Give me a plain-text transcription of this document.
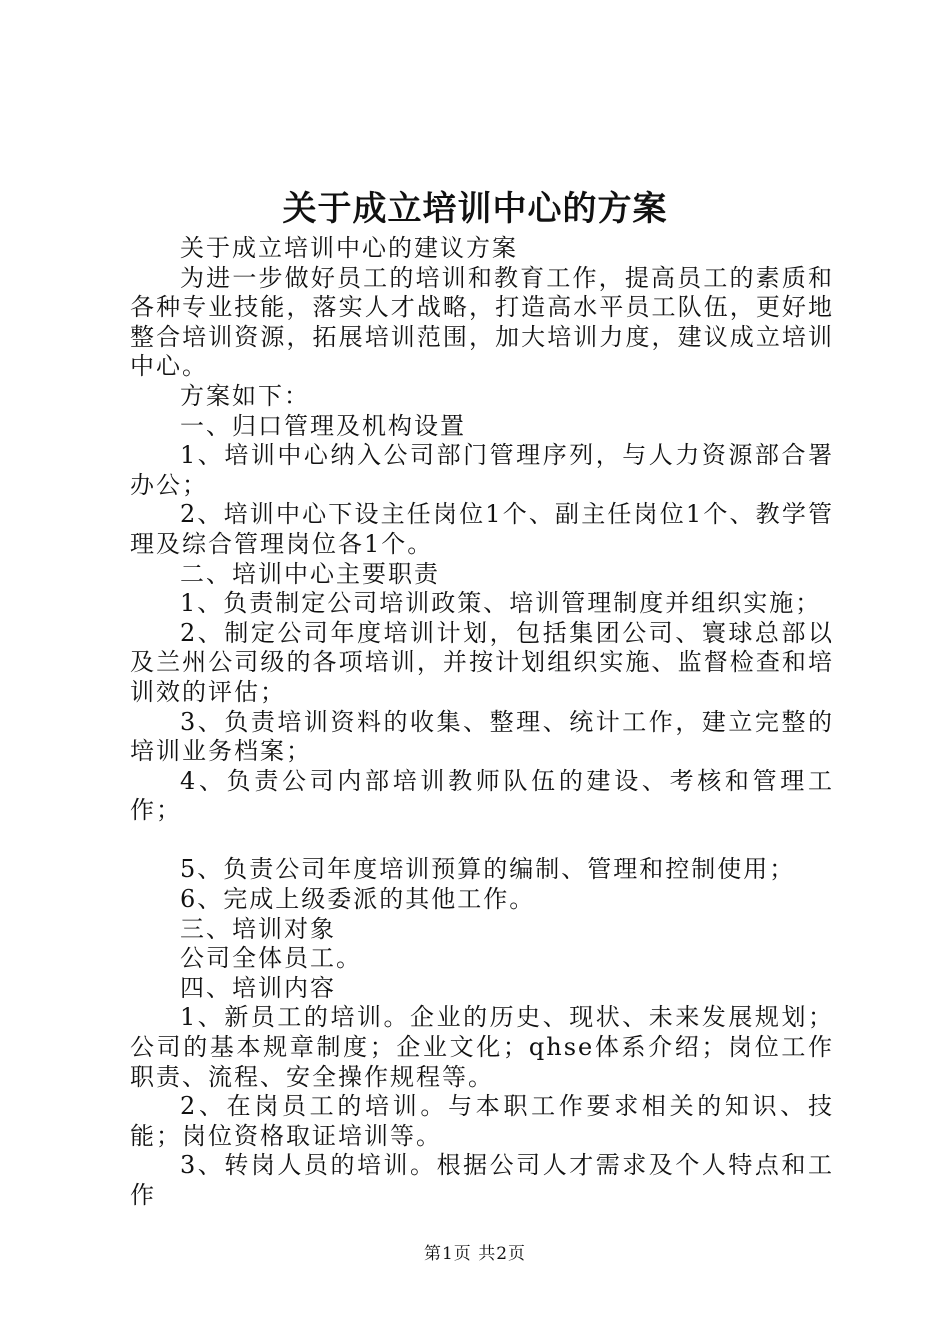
关于成立培训中心的方案

关于成立培训中心的建议方案

为进一步做好员工的培训和教育工作，提高员工的素质和各种专业技能，落实人才战略，打造高水平员工队伍，更好地整合培训资源，拓展培训范围，加大培训力度，建议成立培训中心。

方案如下：

一、归口管理及机构设置

1、培训中心纳入公司部门管理序列，与人力资源部合署办公；

2、培训中心下设主任岗位1个、副主任岗位1个、教学管理及综合管理岗位各1个。

二、培训中心主要职责

1、负责制定公司培训政策、培训管理制度并组织实施；

2、制定公司年度培训计划，包括集团公司、寰球总部以及兰州公司级的各项培训，并按计划组织实施、监督检查和培训效的评估；

3、负责培训资料的收集、整理、统计工作，建立完整的培训业务档案；

4、负责公司内部培训教师队伍的建设、考核和管理工作；

5、负责公司年度培训预算的编制、管理和控制使用；

6、完成上级委派的其他工作。

三、培训对象

公司全体员工。

四、培训内容

1、新员工的培训。企业的历史、现状、未来发展规划；公司的基本规章制度；企业文化；qhse体系介绍；岗位工作职责、流程、安全操作规程等。

2、在岗员工的培训。与本职工作要求相关的知识、技能；岗位资格取证培训等。

3、转岗人员的培训。根据公司人才需求及个人特点和工作

第1页 共2页
